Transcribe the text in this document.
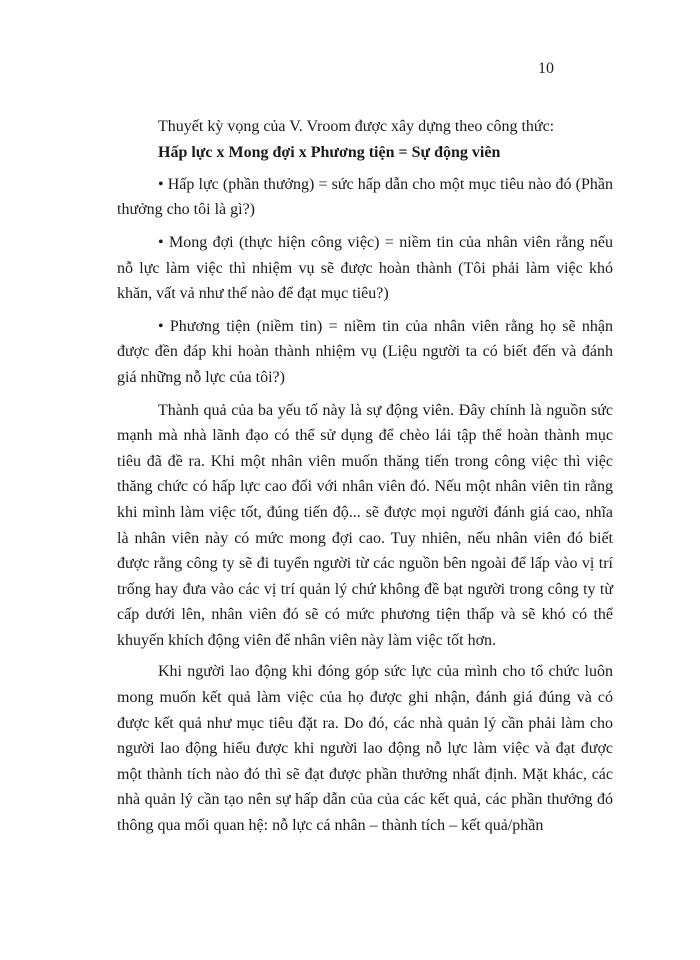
10

Thuyết kỳ vọng của V. Vroom được xây dựng theo công thức:

Hấp lực x Mong đợi x Phương tiện = Sự động viên

• Hấp lực (phần thưởng) = sức hấp dẫn cho một mục tiêu nào đó (Phần thưởng cho tôi là gì?)

• Mong đợi (thực hiện công việc) = niềm tin của nhân viên rằng nếu nỗ lực làm việc thì nhiệm vụ sẽ được hoàn thành (Tôi phải làm việc khó khăn, vất vả như thế nào để đạt mục tiêu?)

• Phương tiện (niềm tin) = niềm tin của nhân viên rằng họ sẽ nhận được đền đáp khi hoàn thành nhiệm vụ (Liệu người ta có biết đến và đánh giá những nỗ lực của tôi?)

Thành quả của ba yếu tố này là sự động viên. Đây chính là nguồn sức mạnh mà nhà lãnh đạo có thể sử dụng để chèo lái tập thể hoàn thành mục tiêu đã đề ra. Khi một nhân viên muốn thăng tiến trong công việc thì việc thăng chức có hấp lực cao đối với nhân viên đó. Nếu một nhân viên tin rằng khi mình làm việc tốt, đúng tiến độ... sẽ được mọi người đánh giá cao, nhĩa là nhân viên này có mức mong đợi cao. Tuy nhiên, nếu nhân viên đó biết được rằng công ty sẽ đi tuyển người từ các nguồn bên ngoài để lấp vào vị trí trống hay đưa vào các vị trí quản lý chứ không đề bạt người trong công ty từ cấp dưới lên, nhân viên đó sẽ có mức phương tiện thấp và sẽ khó có thể khuyến khích động viên để nhân viên này làm việc tốt hơn.

Khi người lao động khi đóng góp sức lực của mình cho tổ chức luôn mong muốn kết quả làm việc của họ được ghi nhận, đánh giá đúng và có được kết quả như mục tiêu đặt ra. Do đó, các nhà quản lý cần phải làm cho người lao động hiểu được khi người lao động nỗ lực làm việc và đạt được một thành tích nào đó thì sẽ đạt được phần thưởng nhất định. Mặt khác, các nhà quản lý cần tạo nên sự hấp dẫn của của các kết quả, các phần thưởng đó thông qua mối quan hệ: nỗ lực cá nhân – thành tích – kết quả/phần
